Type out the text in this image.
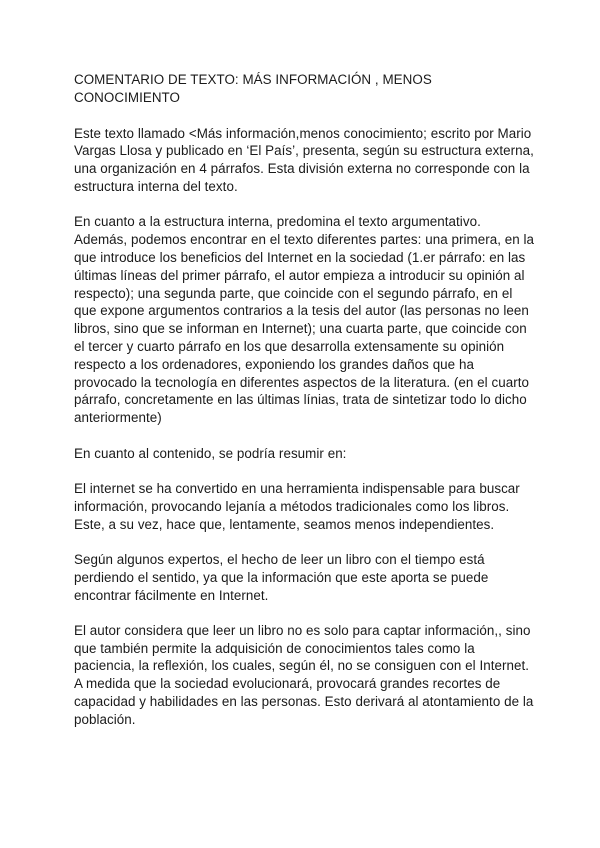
COMENTARIO DE TEXTO: MÁS INFORMACIÓN , MENOS CONOCIMIENTO

Este texto llamado <Más información,menos conocimiento; escrito por Mario Vargas Llosa y publicado en ‘El País’, presenta, según su estructura externa, una organización en 4 párrafos. Esta división externa no corresponde con la estructura interna del texto.

En cuanto a la estructura interna, predomina el texto argumentativo. Además, podemos encontrar en el texto diferentes partes: una primera, en la que introduce los beneficios del Internet en la sociedad (1.er párrafo: en las últimas líneas del primer párrafo, el autor empieza a introducir su opinión al respecto); una segunda parte, que coincide con el segundo párrafo, en el que expone argumentos contrarios a la tesis del autor (las personas no leen libros, sino que se informan en Internet); una cuarta parte, que coincide con el tercer y cuarto párrafo en los que desarrolla extensamente su opinión respecto a los ordenadores, exponiendo los grandes daños que ha provocado la tecnología en diferentes aspectos de la literatura. (en el cuarto párrafo, concretamente en las últimas línias, trata de sintetizar todo lo dicho anteriormente)

En cuanto al contenido, se podría resumir en:

El internet se ha convertido en una herramienta indispensable para buscar información, provocando lejanía a métodos tradicionales como los libros. Este, a su vez, hace que, lentamente, seamos menos independientes.

Según algunos expertos, el hecho de leer un libro con el tiempo está perdiendo el sentido, ya que la información que este aporta se puede encontrar fácilmente en Internet.

El autor considera que leer un libro no es solo para captar información,, sino que también permite la adquisición de conocimientos tales como la paciencia, la reflexión, los cuales, según él, no se consiguen con el Internet. A medida que la sociedad evolucionará, provocará grandes recortes de capacidad y habilidades en las personas. Esto derivará al atontamiento de la población.
